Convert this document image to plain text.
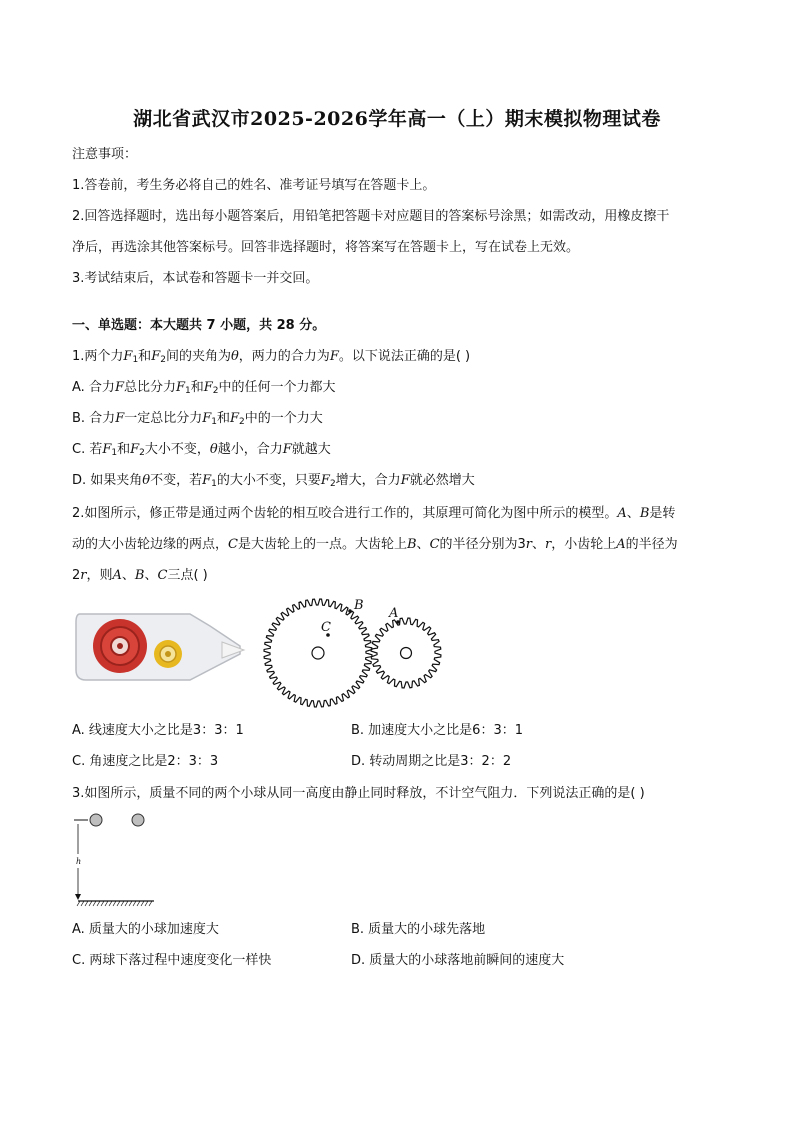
湖北省武汉市2025-2026学年高一（上）期末模拟物理试卷
注意事项：
1.答卷前，考生务必将自己的姓名、准考证号填写在答题卡上。
2.回答选择题时，选出每小题答案后，用铅笔把答题卡对应题目的答案标号涂黑；如需改动，用橡皮擦干
净后，再选涂其他答案标号。回答非选择题时，将答案写在答题卡上，写在试卷上无效。
3.考试结束后，本试卷和答题卡一并交回。
一、单选题：本大题共 7 小题，共 28 分。
1.两个力$F_1$和$F_2$间的夹角为θ，两力的合力为F。以下说法正确的是( )
A. 合力F总比分力$F_1$和$F_2$中的任何一个力都大
B. 合力F一定总比分力$F_1$和$F_2$中的一个力大
C. 若$F_1$和$F_2$大小不变，θ越小，合力F就越大
D. 如果夹角θ不变，若$F_1$的大小不变，只要$F_2$增大，合力F就必然增大
2.如图所示，修正带是通过两个齿轮的相互咬合进行工作的，其原理可简化为图中所示的模型。A、B是转
动的大小齿轮边缘的两点，C是大齿轮上的一点。大齿轮上B、C的半径分别为3r、r，小齿轮上A的半径为
2r，则A、B、C三点( )
C
B
A
A. 线速度大小之比是3：3：1	B. 加速度大小之比是6：3：1
C. 角速度之比是2：3：3	D. 转动周期之比是3：2：2
3.如图所示，质量不同的两个小球从同一高度由静止同时释放，不计空气阻力．下列说法正确的是( )
h
A. 质量大的小球加速度大	B. 质量大的小球先落地
C. 两球下落过程中速度变化一样快	D. 质量大的小球落地前瞬间的速度大
